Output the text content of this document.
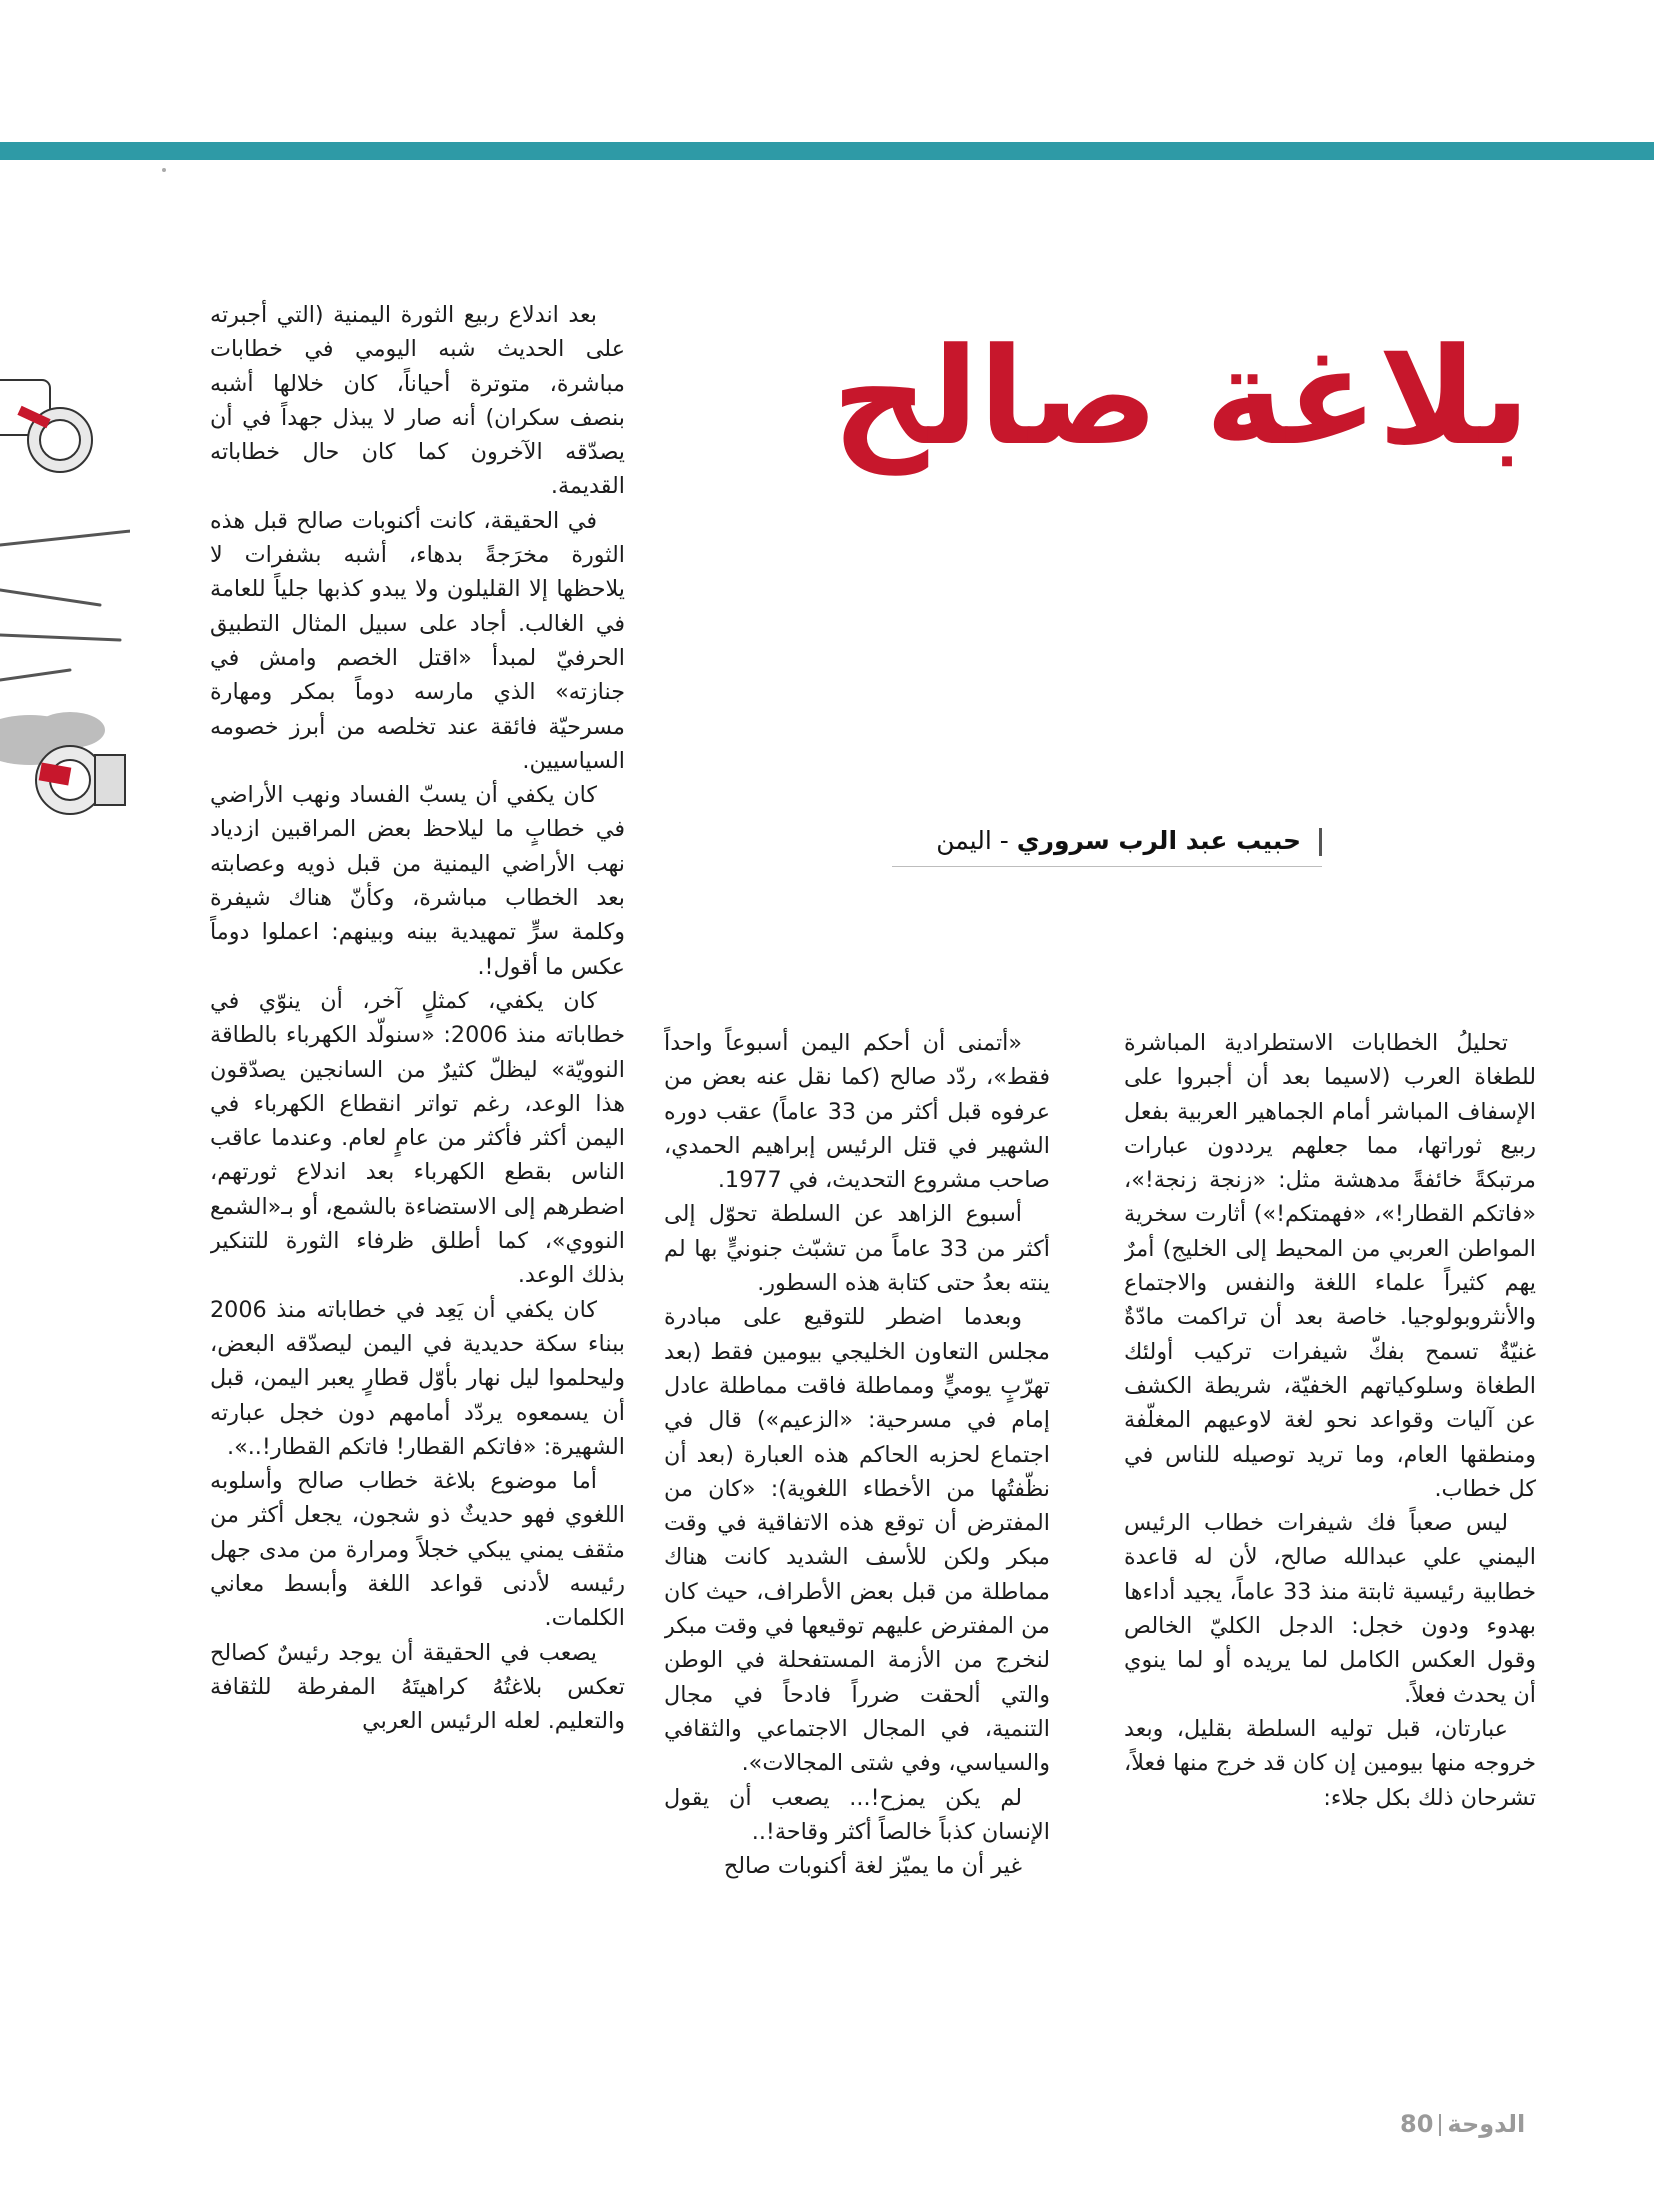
بلاغة صالح
حبيب عبد الرب سروري - اليمن

تحليلُ الخطابات الاستطرادية المباشرة للطغاة العرب (لاسيما بعد أن أجبروا على الإسفاف المباشر أمام الجماهير العربية بفعل ربيع ثوراتها، مما جعلهم يرددون عبارات مرتبكةً خائفةً مدهشة مثل: «زنجة زنجة!»، «فاتكم القطار!»، «فهمتكم!») أثارت سخرية المواطن العربي من المحيط إلى الخليج) أمرٌ يهم كثيراً علماء اللغة والنفس والاجتماع والأنثروبولوجيا. خاصة بعد أن تراكمت مادّةٌ غنيّةٌ تسمح بفكّ شيفرات تركيب أولئك الطغاة وسلوكياتهم الخفيّة، شريطة الكشف عن آليات وقواعد نحو لغة لاوعيهم المغلّفة ومنطقها العام، وما تريد توصيله للناس في كل خطاب.

ليس صعباً فك شيفرات خطاب الرئيس اليمني علي عبدالله صالح، لأن له قاعدة خطابية رئيسية ثابتة منذ 33 عاماً، يجيد أداءها بهدوء ودون خجل: الدجل الكليّ الخالص وقول العكس الكامل لما يريده أو لما ينوي أن يحدث فعلاً.

عبارتان، قبل توليه السلطة بقليل، وبعد خروجه منها بيومين إن كان قد خرج منها فعلاً، تشرحان ذلك بكل جلاء:

«أتمنى أن أحكم اليمن أسبوعاً واحداً فقط»، ردّد صالح (كما نقل عنه بعض من عرفوه قبل أكثر من 33 عاماً) عقب دوره الشهير في قتل الرئيس إبراهيم الحمدي، صاحب مشروع التحديث، في 1977.

أسبوع الزاهد عن السلطة تحوّل إلى أكثر من 33 عاماً من تشبّث جنونيٍّ بها لم ينته بعدُ حتى كتابة هذه السطور.

وبعدما اضطر للتوقيع على مبادرة مجلس التعاون الخليجي بيومين فقط (بعد تهرّبٍ يوميٍّ ومماطلة فاقت مماطلة عادل إمام في مسرحية: «الزعيم») قال في اجتماع لحزبه الحاكم هذه العبارة (بعد أن نظّفتُها من الأخطاء اللغوية): «كان من المفترض أن توقع هذه الاتفاقية في وقت مبكر ولكن للأسف الشديد كانت هناك مماطلة من قبل بعض الأطراف، حيث كان من المفترض عليهم توقيعها في وقت مبكر لنخرج من الأزمة المستفحلة في الوطن والتي ألحقت ضرراً فادحاً في مجال التنمية، في المجال الاجتماعي والثقافي والسياسي، وفي شتى المجالات».

لم يكن يمزح!... يصعب أن يقول الإنسان كذباً خالصاً أكثر وقاحة!..

غير أن ما يميّز لغة أكنوبات صالح

بعد اندلاع ربيع الثورة اليمنية (التي أجبرته على الحديث شبه اليومي في خطابات مباشرة، متوترة أحياناً، كان خلالها أشبه بنصف سكران) أنه صار لا يبذل جهداً في أن يصدّقه الآخرون كما كان حال خطاباته القديمة.

في الحقيقة، كانت أكنوبات صالح قبل هذه الثورة مخرَجةً بدهاء، أشبه بشفرات لا يلاحظها إلا القليلون ولا يبدو كذبها جلياً للعامة في الغالب. أجاد على سبيل المثال التطبيق الحرفيّ لمبدأ «اقتل الخصم وامش في جنازته» الذي مارسه دوماً بمكر ومهارة مسرحيّة فائقة عند تخلصه من أبرز خصومه السياسيين.

كان يكفي أن يسبّ الفساد ونهب الأراضي في خطابٍ ما ليلاحظ بعض المراقبين ازدياد نهب الأراضي اليمنية من قبل ذويه وعصابته بعد الخطاب مباشرة، وكأنّ هناك شيفرة وكلمة سرٍّ تمهيدية بينه وبينهم: اعملوا دوماً عكس ما أقول!.

كان يكفي، كمثلٍ آخر، أن ينوّي في خطاباته منذ 2006: «سنولّد الكهرباء بالطاقة النوويّة» ليظلّ كثيرٌ من السانجين يصدّقون هذا الوعد، رغم تواتر انقطاع الكهرباء في اليمن أكثر فأكثر من عامٍ لعام. وعندما عاقب الناس بقطع الكهرباء بعد اندلاع ثورتهم، اضطرهم إلى الاستضاءة بالشمع، أو بـ«الشمع النووي»، كما أطلق ظرفاء الثورة للتنكير بذلك الوعد.

كان يكفي أن يَعِد في خطاباته منذ 2006 ببناء سكة حديدية في اليمن ليصدّقه البعض، وليحلموا ليل نهار بأوّل قطارٍ يعبر اليمن، قبل أن يسمعوه يردّد أمامهم دون خجل عبارته الشهيرة: «فاتكم القطار! فاتكم القطار!..».

أما موضوع بلاغة خطاب صالح وأسلوبه اللغوي فهو حديثٌ ذو شجون، يجعل أكثر من مثقف يمني يبكي خجلاً ومرارة من مدى جهل رئيسه لأدنى قواعد اللغة وأبسط معاني الكلمات.

يصعب في الحقيقة أن يوجد رئيسٌ كصالح تعكس بلاغتُهُ كراهيتَهُ المفرطة للثقافة والتعليم. لعله الرئيس العربي

الدوحة80
